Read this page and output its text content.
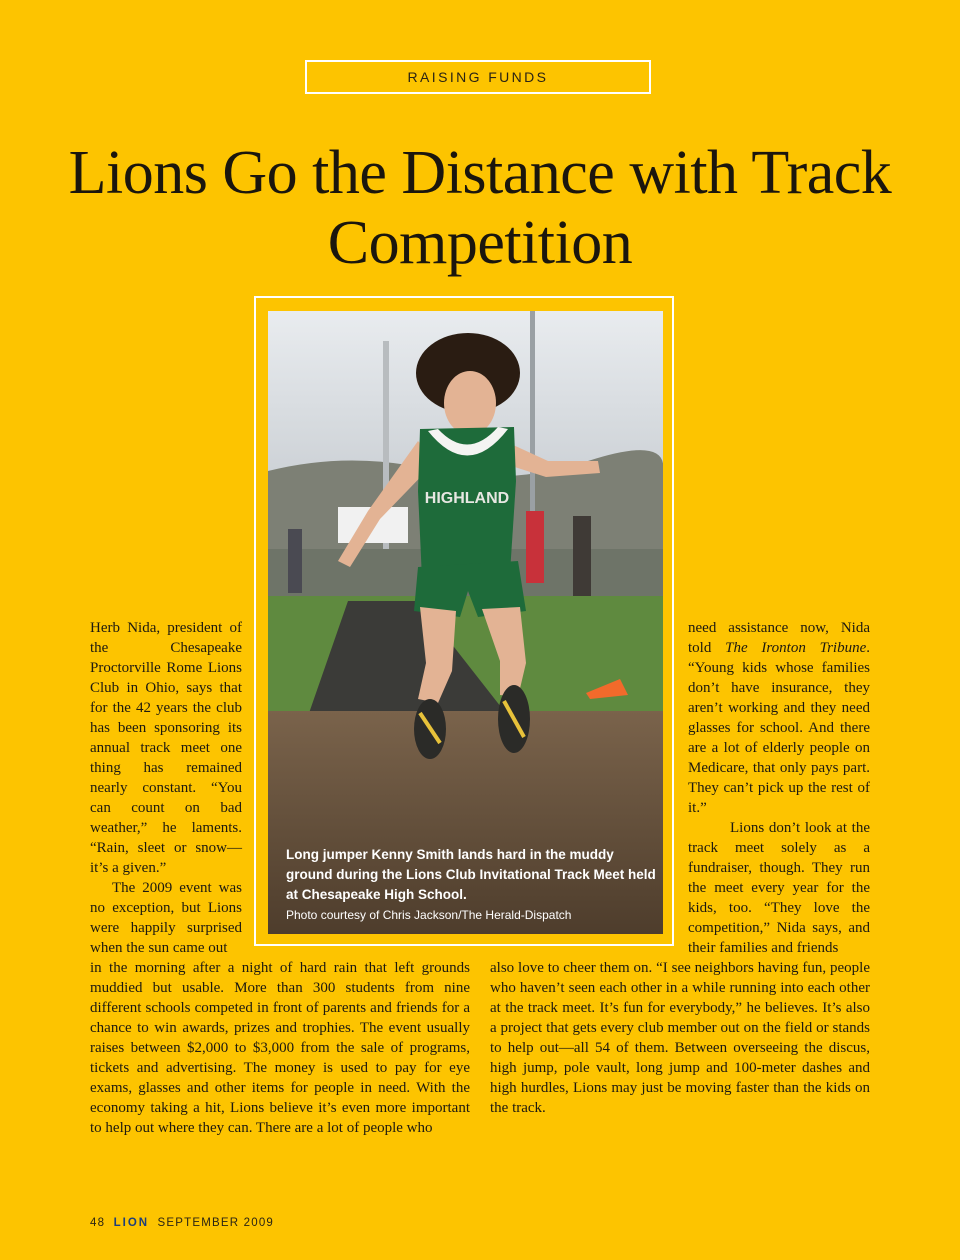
RAISING FUNDS
Lions Go the Distance with Track Competition
HIGHLAND
Long jumper Kenny Smith lands hard in the muddy ground during the Lions Club Invitational Track Meet held at Chesapeake High School.
Photo courtesy of Chris Jackson/The Herald-Dispatch

Herb Nida, president of the Chesapeake Proctorville Rome Lions Club in Ohio, says that for the 42 years the club has been sponsoring its annual track meet one thing has remained nearly constant. “You can count on bad weather,” he laments. “Rain, sleet or snow—it’s a given.”

The 2009 event was no exception, but Lions were happily surprised when the sun came out

in the morning after a night of hard rain that left grounds muddied but usable. More than 300 students from nine different schools competed in front of parents and friends for a chance to win awards, prizes and trophies. The event usually raises between $2,000 to $3,000 from the sale of programs, tickets and advertising. The money is used to pay for eye exams, glasses and other items for people in need. With the economy taking a hit, Lions believe it’s even more important to help out where they can. There are a lot of people who

need assistance now, Nida told The Ironton Tribune. “Young kids whose families don’t have insurance, they aren’t working and they need glasses for school. And there are a lot of elderly people on Medicare, that only pays part. They can’t pick up the rest of it.”

Lions don’t look at the track meet solely as a fundraiser, though. They run the meet every year for the kids, too. “They love the competition,” Nida says, and their families and friends

also love to cheer them on. “I see neighbors having fun, people who haven’t seen each other in a while running into each other at the track meet. It’s fun for everybody,” he believes. It’s also a project that gets every club member out on the field or stands to help out—all 54 of them. Between overseeing the discus, high jump, pole vault, long jump and 100-meter dashes and high hurdles, Lions may just be moving faster than the kids on the track.

48 LION SEPTEMBER 2009
